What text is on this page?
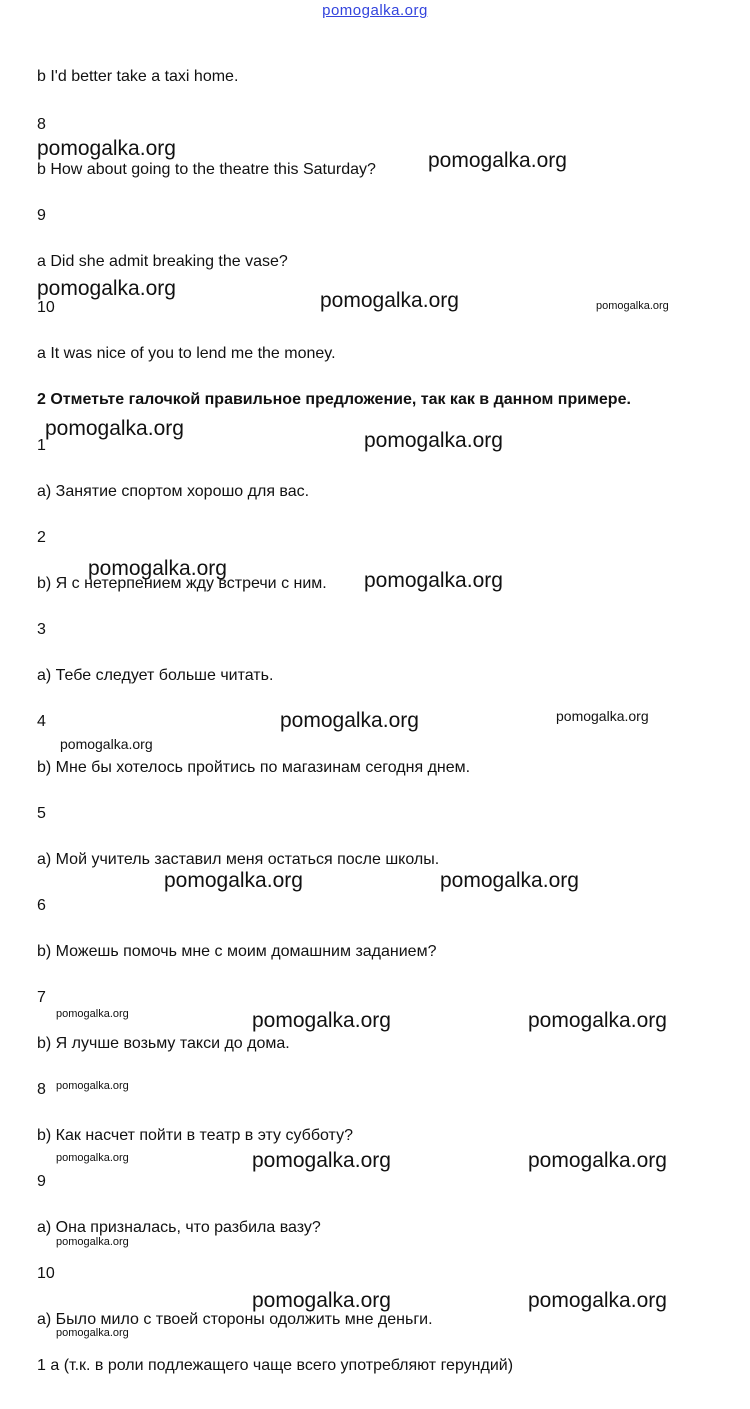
pomogalka.org
b I'd better take a taxi home.
8
b How about going to the theatre this Saturday?
9
a Did she admit breaking the vase?
10
a It was nice of you to lend me the money.
2 Отметьте галочкой правильное предложение, так как в данном примере.
1
a) Занятие спортом хорошо для вас.
2
b) Я с нетерпением жду встречи с ним.
3
a) Тебе следует больше читать.
4
b) Мне бы хотелось пройтись по магазинам сегодня днем.
5
a) Мой учитель заставил меня остаться после школы.
6
b) Можешь помочь мне с моим домашним заданием?
7
b) Я лучше возьму такси до дома.
8
b) Как насчет пойти в театр в эту субботу?
9
a) Она призналась, что разбила вазу?
10
a) Было мило с твоей стороны одолжить мне деньги.
1 a (т.к. в роли подлежащего чаще всего употребляют герундий)
pomogalka.org
pomogalka.org
pomogalka.org
pomogalka.org	pomogalka.org
pomogalka.org
pomogalka.org
pomogalka.org
pomogalka.org
pomogalka.org	pomogalka.org
pomogalka.org
pomogalka.org	pomogalka.org
pomogalka.org	pomogalka.org	pomogalka.org
pomogalka.org
pomogalka.org	pomogalka.org	pomogalka.org
pomogalka.org
pomogalka.org	pomogalka.org
pomogalka.org
